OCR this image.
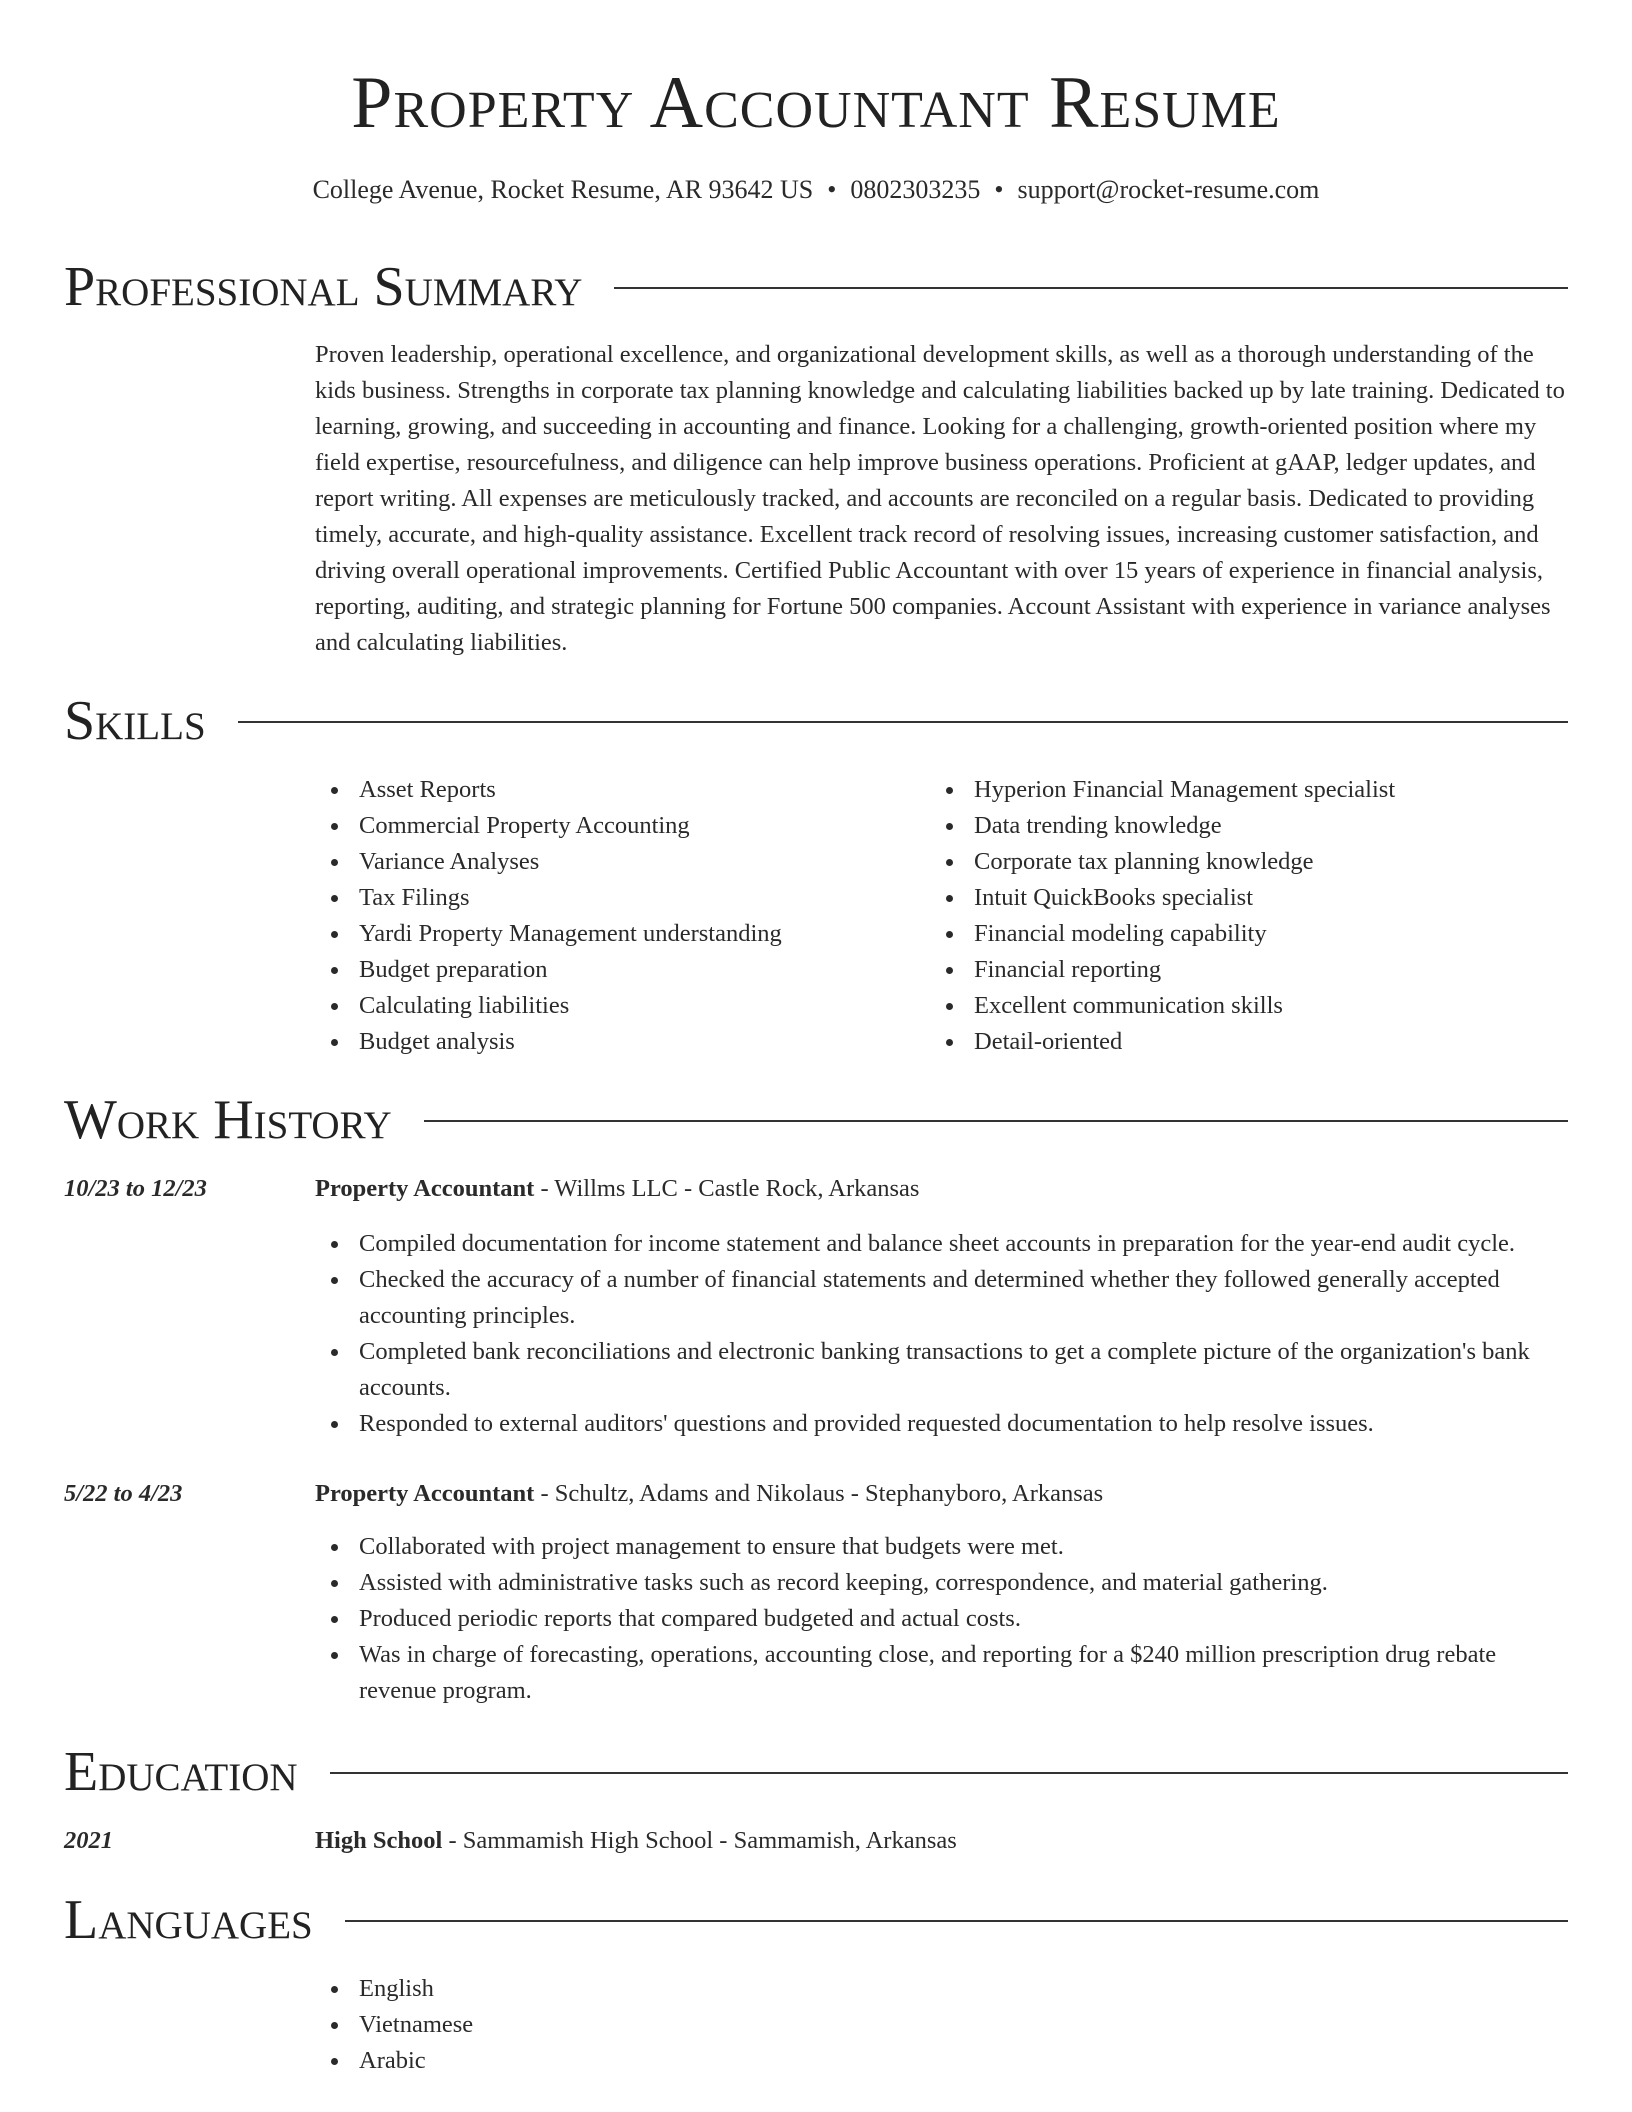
Property Accountant Resume
College Avenue, Rocket Resume, AR 93642 US • 0802303235 • support@rocket-resume.com
Professional Summary
Proven leadership, operational excellence, and organizational development skills, as well as a thorough understanding of the kids business. Strengths in corporate tax planning knowledge and calculating liabilities backed up by late training. Dedicated to learning, growing, and succeeding in accounting and finance. Looking for a challenging, growth-oriented position where my field expertise, resourcefulness, and diligence can help improve business operations. Proficient at gAAP, ledger updates, and report writing. All expenses are meticulously tracked, and accounts are reconciled on a regular basis. Dedicated to providing timely, accurate, and high-quality assistance. Excellent track record of resolving issues, increasing customer satisfaction, and driving overall operational improvements. Certified Public Accountant with over 15 years of experience in financial analysis, reporting, auditing, and strategic planning for Fortune 500 companies. Account Assistant with experience in variance analyses and calculating liabilities.
Skills
Asset Reports
Commercial Property Accounting
Variance Analyses
Tax Filings
Yardi Property Management understanding
Budget preparation
Calculating liabilities
Budget analysis
Hyperion Financial Management specialist
Data trending knowledge
Corporate tax planning knowledge
Intuit QuickBooks specialist
Financial modeling capability
Financial reporting
Excellent communication skills
Detail-oriented
Work History
10/23 to 12/23	Property Accountant - Willms LLC - Castle Rock, Arkansas
Compiled documentation for income statement and balance sheet accounts in preparation for the year-end audit cycle.
Checked the accuracy of a number of financial statements and determined whether they followed generally accepted accounting principles.
Completed bank reconciliations and electronic banking transactions to get a complete picture of the organization's bank accounts.
Responded to external auditors' questions and provided requested documentation to help resolve issues.
5/22 to 4/23	Property Accountant - Schultz, Adams and Nikolaus - Stephanyboro, Arkansas
Collaborated with project management to ensure that budgets were met.
Assisted with administrative tasks such as record keeping, correspondence, and material gathering.
Produced periodic reports that compared budgeted and actual costs.
Was in charge of forecasting, operations, accounting close, and reporting for a $240 million prescription drug rebate revenue program.
Education
2021	High School - Sammamish High School - Sammamish, Arkansas
Languages
English
Vietnamese
Arabic
